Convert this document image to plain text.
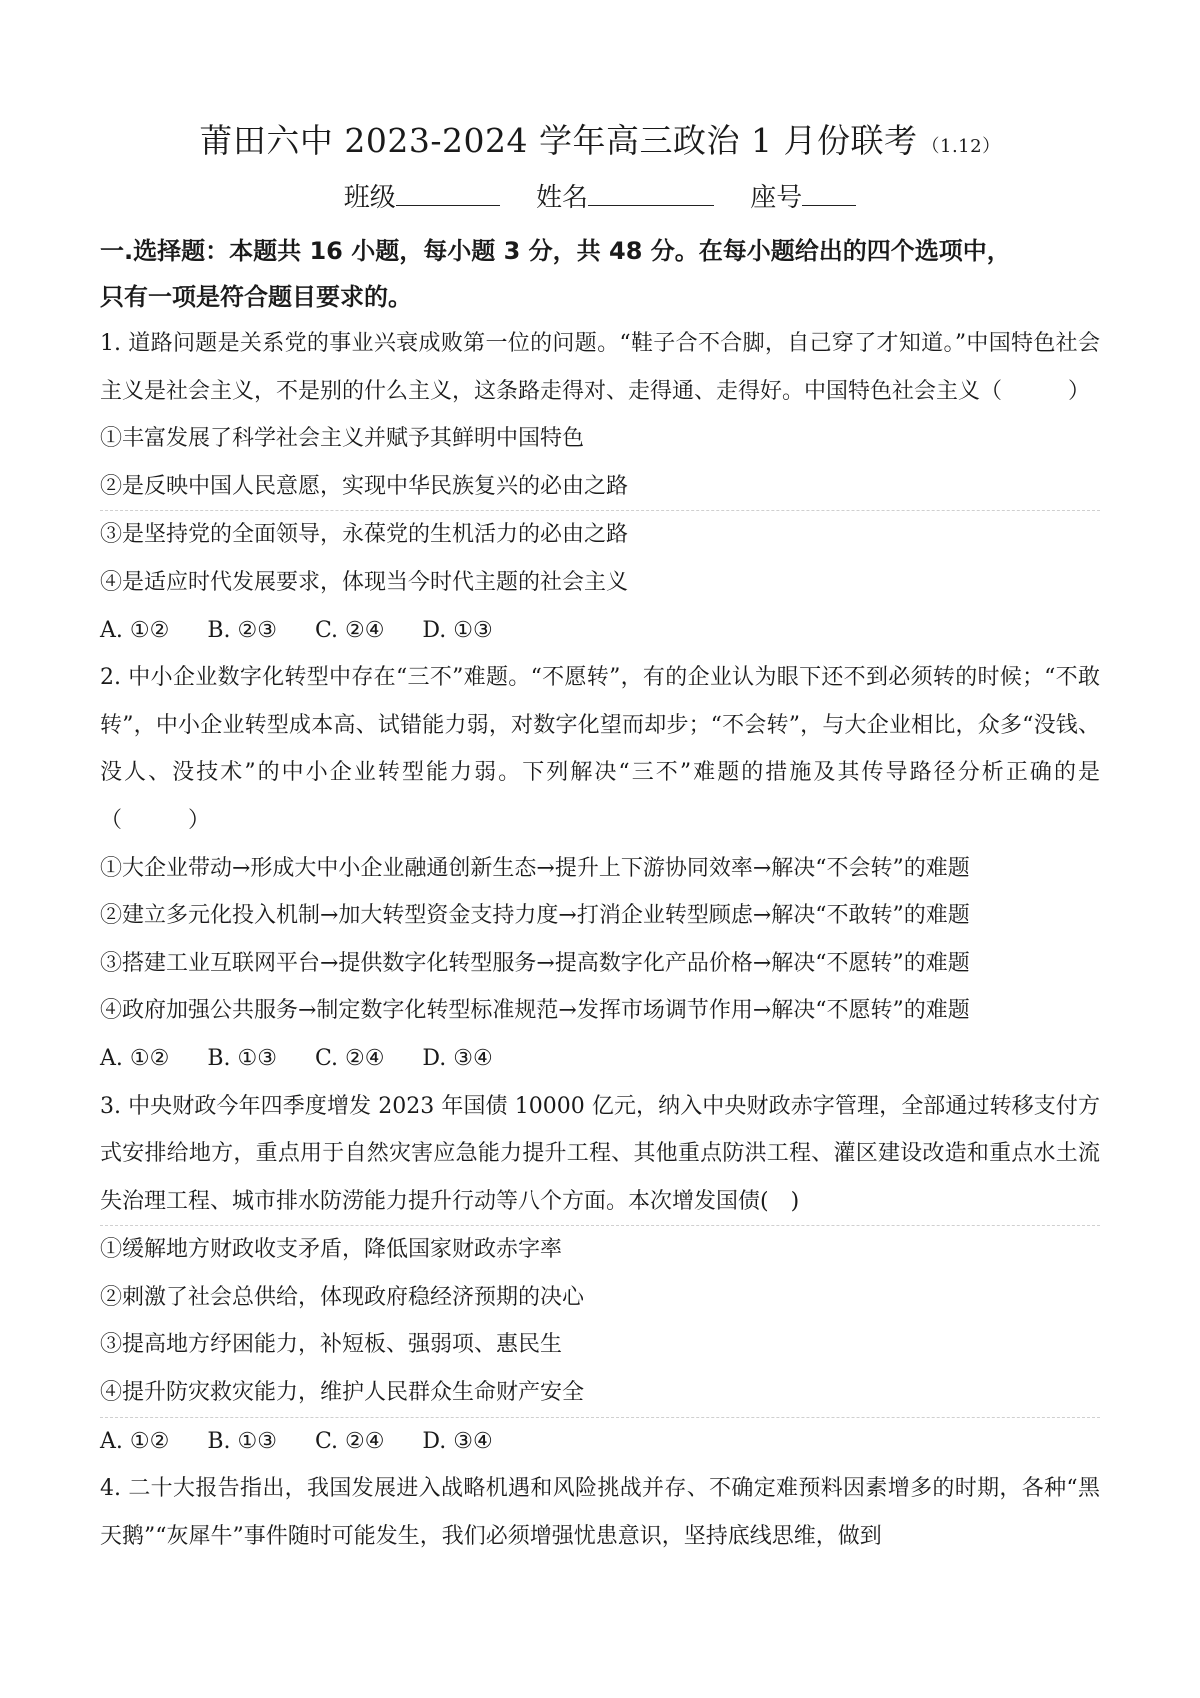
莆田六中 2023-2024 学年高三政治 1 月份联考 （1.12）
班级	姓名	座号

一.选择题：本题共 16 小题，每小题 3 分，共 48 分。在每小题给出的四个选项中，

只有一项是符合题目要求的。

1. 道路问题是关系党的事业兴衰成败第一位的问题。“鞋子合不合脚，自己穿了才知道。”中国特色社会主义是社会主义，不是别的什么主义，这条路走得对、走得通、走得好。中国特色社会主义（　　　）

①丰富发展了科学社会主义并赋予其鲜明中国特色

②是反映中国人民意愿，实现中华民族复兴的必由之路

③是坚持党的全面领导，永葆党的生机活力的必由之路

④是适应时代发展要求，体现当今时代主题的社会主义

A. ①② B. ②③ C. ②④ D. ①③

2. 中小企业数字化转型中存在“三不”难题。“不愿转”，有的企业认为眼下还不到必须转的时候；“不敢转”，中小企业转型成本高、试错能力弱，对数字化望而却步；“不会转”，与大企业相比，众多“没钱、没人、没技术”的中小企业转型能力弱。下列解决“三不”难题的措施及其传导路径分析正确的是（　　　）

①大企业带动→形成大中小企业融通创新生态→提升上下游协同效率→解决“不会转”的难题

②建立多元化投入机制→加大转型资金支持力度→打消企业转型顾虑→解决“不敢转”的难题

③搭建工业互联网平台→提供数字化转型服务→提高数字化产品价格→解决“不愿转”的难题

④政府加强公共服务→制定数字化转型标准规范→发挥市场调节作用→解决“不愿转”的难题

A. ①② B. ①③ C. ②④ D. ③④

3. 中央财政今年四季度增发 2023 年国债 10000 亿元，纳入中央财政赤字管理，全部通过转移支付方式安排给地方，重点用于自然灾害应急能力提升工程、其他重点防洪工程、灌区建设改造和重点水土流失治理工程、城市排水防涝能力提升行动等八个方面。本次增发国债(　)

①缓解地方财政收支矛盾，降低国家财政赤字率

②刺激了社会总供给，体现政府稳经济预期的决心

③提高地方纾困能力，补短板、强弱项、惠民生

④提升防灾救灾能力，维护人民群众生命财产安全

A. ①② B. ①③ C. ②④ D. ③④

4. 二十大报告指出，我国发展进入战略机遇和风险挑战并存、不确定难预料因素增多的时期，各种“黑天鹅”“灰犀牛”事件随时可能发生，我们必须增强忧患意识，坚持底线思维，做到
